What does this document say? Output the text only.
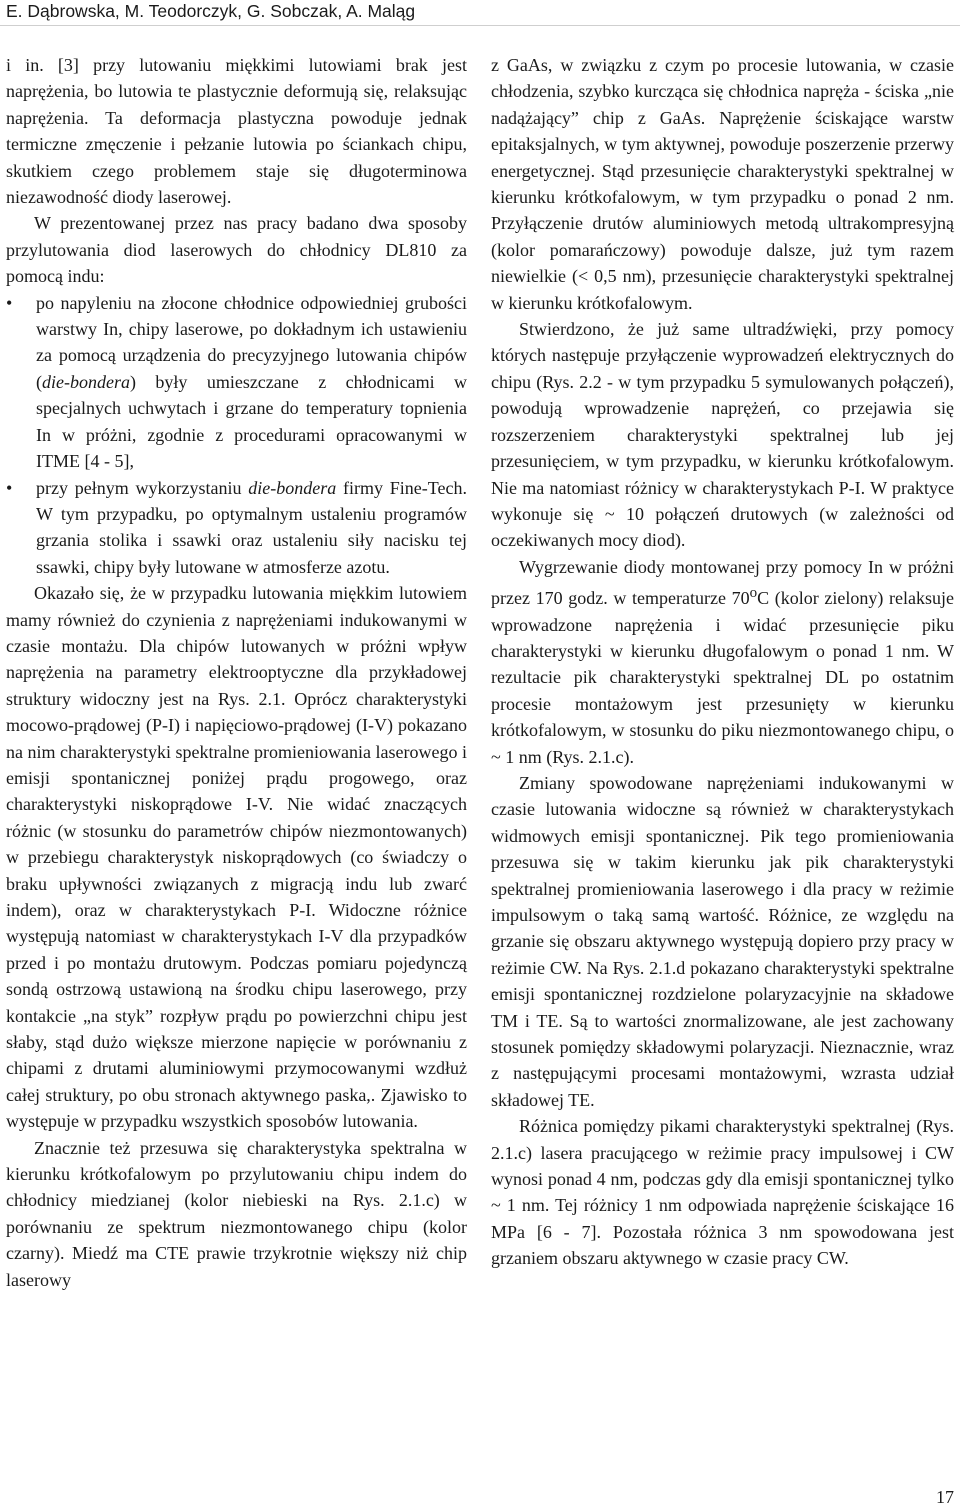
E. Dąbrowska, M. Teodorczyk, G. Sobczak, A. Maląg

i in. [3] przy lutowaniu miękkimi lutowiami brak jest naprężenia, bo lutowia te plastycznie deformują się, relaksując naprężenia. Ta deformacja plastyczna powoduje jednak termiczne zmęczenie i pełzanie lutowia po ściankach chipu, skutkiem czego problemem staje się długoterminowa niezawodność diody laserowej.

W prezentowanej przez nas pracy badano dwa sposoby przylutowania diod laserowych do chłodnicy DL810 za pomocą indu:

• po napyleniu na złocone chłodnice odpowiedniej grubości warstwy In, chipy laserowe, po dokładnym ich ustawieniu za pomocą urządzenia do precyzyjnego lutowania chipów (die-bondera) były umieszczane z chłodnicami w specjalnych uchwytach i grzane do temperatury topnienia In w próżni, zgodnie z procedurami opracowanymi w ITME [4 - 5],
• przy pełnym wykorzystaniu die-bondera firmy Fine-Tech. W tym przypadku, po optymalnym ustaleniu programów grzania stolika i ssawki oraz ustaleniu siły nacisku tej ssawki, chipy były lutowane w atmosferze azotu.

Okazało się, że w przypadku lutowania miękkim lutowiem mamy również do czynienia z naprężeniami indukowanymi w czasie montażu. Dla chipów lutowanych w próżni wpływ naprężenia na parametry elektrooptyczne dla przykładowej struktury widoczny jest na Rys. 2.1. Oprócz charakterystyki mocowo-prądowej (P-I) i napięciowo-prądowej (I-V) pokazano na nim charakterystyki spektralne promieniowania laserowego i emisji spontanicznej poniżej prądu progowego, oraz charakterystyki niskoprądowe I-V. Nie widać znaczących różnic (w stosunku do parametrów chipów niezmontowanych) w przebiegu charakterystyk niskoprądowych (co świadczy o braku upływności związanych z migracją indu lub zwarć indem), oraz w charakterystykach P-I. Widoczne różnice występują natomiast w charakterystykach I-V dla przypadków przed i po montażu drutowym. Podczas pomiaru pojedynczą sondą ostrzową ustawioną na środku chipu laserowego, przy kontakcie „na styk” rozpływ prądu po powierzchni chipu jest słaby, stąd dużo większe mierzone napięcie w porównaniu z chipami z drutami aluminiowymi przymocowanymi wzdłuż całej struktury, po obu stronach aktywnego paska,. Zjawisko to występuje w przypadku wszystkich sposobów lutowania.

Znacznie też przesuwa się charakterystyka spektralna w kierunku krótkofalowym po przylutowaniu chipu indem do chłodnicy miedzianej (kolor niebieski na Rys. 2.1.c) w porównaniu ze spektrum niezmontowanego chipu (kolor czarny). Miedź ma CTE prawie trzykrotnie większy niż chip laserowy

z GaAs, w związku z czym po procesie lutowania, w czasie chłodzenia, szybko kurcząca się chłodnica napręża - ściska „nie nadążający” chip z GaAs. Naprężenie ściskające warstw epitaksjalnych, w tym aktywnej, powoduje poszerzenie przerwy energetycznej. Stąd przesunięcie charakterystyki spektralnej w kierunku krótkofalowym, w tym przypadku o ponad 2 nm. Przyłączenie drutów aluminiowych metodą ultrakompresyjną (kolor pomarańczowy) powoduje dalsze, już tym razem niewielkie (< 0,5 nm), przesunięcie charakterystyki spektralnej w kierunku krótkofalowym.

Stwierdzono, że już same ultradźwięki, przy pomocy których następuje przyłączenie wyprowadzeń elektrycznych do chipu (Rys. 2.2 - w tym przypadku 5 symulowanych połączeń), powodują wprowadzenie naprężeń, co przejawia się rozszerzeniem charakterystyki spektralnej lub jej przesunięciem, w tym przypadku, w kierunku krótkofalowym. Nie ma natomiast różnicy w charakterystykach P-I. W praktyce wykonuje się ~ 10 połączeń drutowych (w zależności od oczekiwanych mocy diod).

Wygrzewanie diody montowanej przy pomocy In w próżni przez 170 godz. w temperaturze 70$^o$C (kolor zielony) relaksuje wprowadzone naprężenia i widać przesunięcie piku charakterystyki w kierunku długofalowym o ponad 1 nm. W rezultacie pik charakterystyki spektralnej DL po ostatnim procesie montażowym jest przesunięty w kierunku krótkofalowym, w stosunku do piku niezmontowanego chipu, o ~ 1 nm (Rys. 2.1.c).

Zmiany spowodowane naprężeniami indukowanymi w czasie lutowania widoczne są również w charakterystykach widmowych emisji spontanicznej. Pik tego promieniowania przesuwa się w takim kierunku jak pik charakterystyki spektralnej promieniowania laserowego i dla pracy w reżimie impulsowym o taką samą wartość. Różnice, ze względu na grzanie się obszaru aktywnego występują dopiero przy pracy w reżimie CW. Na Rys. 2.1.d pokazano charakterystyki spektralne emisji spontanicznej rozdzielone polaryzacyjnie na składowe TM i TE. Są to wartości znormalizowane, ale jest zachowany stosunek pomiędzy składowymi polaryzacji. Nieznacznie, wraz z następującymi procesami montażowymi, wzrasta udział składowej TE.

Różnica pomiędzy pikami charakterystyki spektralnej (Rys. 2.1.c) lasera pracującego w reżimie pracy impulsowej i CW wynosi ponad 4 nm, podczas gdy dla emisji spontanicznej tylko ~ 1 nm. Tej różnicy 1 nm odpowiada naprężenie ściskające 16 MPa [6 - 7]. Pozostała różnica 3 nm spowodowana jest grzaniem obszaru aktywnego w czasie pracy CW.

17
